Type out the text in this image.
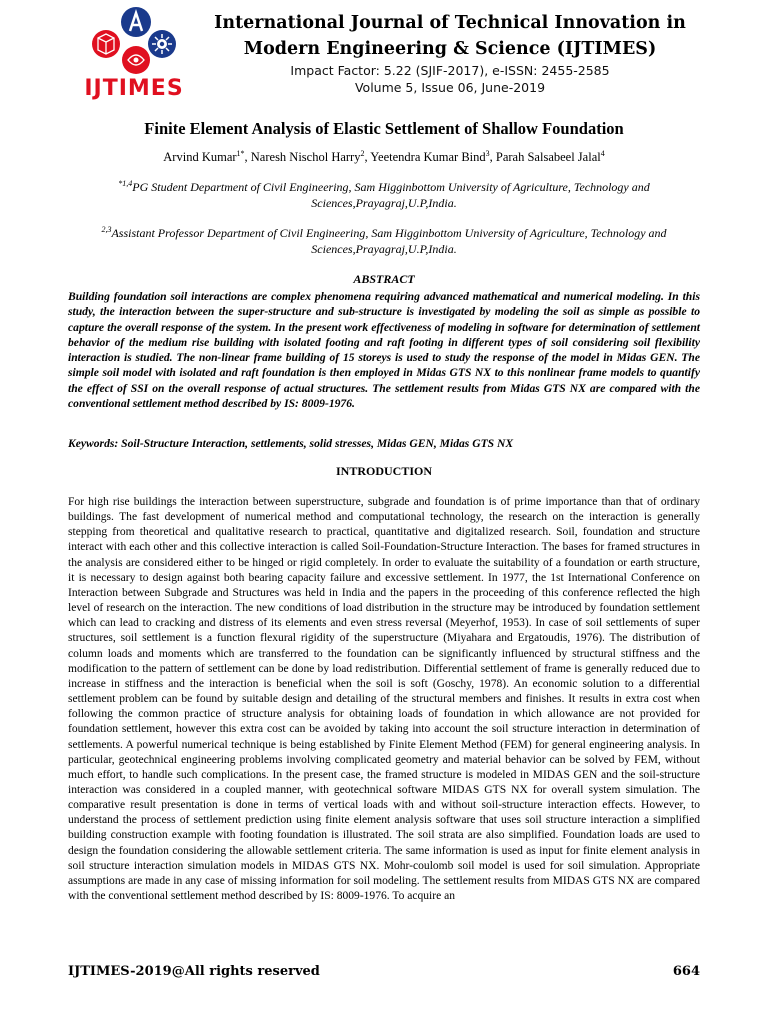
IJTIMES
International Journal of Technical Innovation in Modern Engineering & Science (IJTIMES)
Impact Factor: 5.22 (SJIF-2017), e-ISSN: 2455-2585
Volume 5, Issue 06, June-2019
Finite Element Analysis of Elastic Settlement of Shallow Foundation
Arvind Kumar$^{1*}$, Naresh Nischol Harry$^2$, Yeetendra Kumar Bind$^3$, Parah Salsabeel Jalal$^4$
$^{*1,4}$PG Student Department of Civil Engineering, Sam Higginbottom University of Agriculture, Technology and Sciences,Prayagraj,U.P,India.
$^{2,3}$Assistant Professor Department of Civil Engineering, Sam Higginbottom University of Agriculture, Technology and Sciences,Prayagraj,U.P,India.
ABSTRACT
Building foundation soil interactions are complex phenomena requiring advanced mathematical and numerical modeling. In this study, the interaction between the super-structure and sub-structure is investigated by modeling the soil as simple as possible to capture the overall response of the system. In the present work effectiveness of modeling in software for determination of settlement behavior of the medium rise building with isolated footing and raft footing in different types of soil considering soil flexibility interaction is studied. The non-linear frame building of 15 storeys is used to study the response of the model in Midas GEN. The simple soil model with isolated and raft foundation is then employed in Midas GTS NX to this nonlinear frame models to quantify the effect of SSI on the overall response of actual structures. The settlement results from Midas GTS NX are compared with the conventional settlement method described by IS: 8009-1976.
Keywords: Soil-Structure Interaction, settlements, solid stresses, Midas GEN, Midas GTS NX
INTRODUCTION
For high rise buildings the interaction between superstructure, subgrade and foundation is of prime importance than that of ordinary buildings. The fast development of numerical method and computational technology, the research on the interaction is generally stepping from theoretical and qualitative research to practical, quantitative and digitalized research. Soil, foundation and structure interact with each other and this collective interaction is called Soil-Foundation-Structure Interaction. The bases for framed structures in the analysis are considered either to be hinged or rigid completely. In order to evaluate the suitability of a foundation or earth structure, it is necessary to design against both bearing capacity failure and excessive settlement. In 1977, the 1st International Conference on Interaction between Subgrade and Structures was held in India and the papers in the proceeding of this conference reflected the high level of research on the interaction. The new conditions of load distribution in the structure may be introduced by foundation settlement which can lead to cracking and distress of its elements and even stress reversal (Meyerhof, 1953). In case of soil settlements of super structures, soil settlement is a function flexural rigidity of the superstructure (Miyahara and Ergatoudis, 1976). The distribution of column loads and moments which are transferred to the foundation can be significantly influenced by structural stiffness and the modification to the pattern of settlement can be done by load redistribution. Differential settlement of frame is generally reduced due to increase in stiffness and the interaction is beneficial when the soil is soft (Goschy, 1978). An economic solution to a differential settlement problem can be found by suitable design and detailing of the structural members and finishes. It results in extra cost when following the common practice of structure analysis for obtaining loads of foundation in which allowance are not provided for foundation settlement, however this extra cost can be avoided by taking into account the soil structure interaction in determination of settlements. A powerful numerical technique is being established by Finite Element Method (FEM) for general engineering analysis. In particular, geotechnical engineering problems involving complicated geometry and material behavior can be solved by FEM, without much effort, to handle such complications. In the present case, the framed structure is modeled in MIDAS GEN and the soil-structure interaction was considered in a coupled manner, with geotechnical software MIDAS GTS NX for overall system simulation. The comparative result presentation is done in terms of vertical loads with and without soil-structure interaction effects. However, to understand the process of settlement prediction using finite element analysis software that uses soil structure interaction a simplified building construction example with footing foundation is illustrated. The soil strata are also simplified. Foundation loads are used to design the foundation considering the allowable settlement criteria. The same information is used as input for finite element analysis in soil structure interaction simulation models in MIDAS GTS NX. Mohr-coulomb soil model is used for soil simulation. Appropriate assumptions are made in any case of missing information for soil modeling. The settlement results from MIDAS GTS NX are compared with the conventional settlement method described by IS: 8009-1976. To acquire an
IJTIMES-2019@All rights reserved	664
